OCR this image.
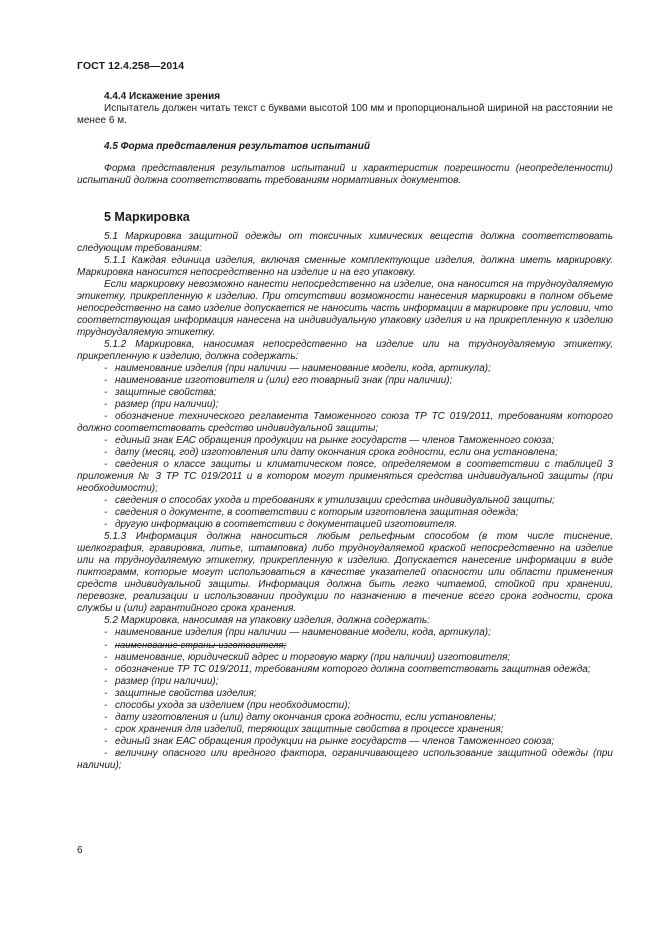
ГОСТ 12.4.258—2014
4.4.4 Искажение зрения

Испытатель должен читать текст с буквами высотой 100 мм и пропорциональной шириной на расстоянии не менее 6 м.

4.5 Форма представления результатов испытаний

Форма представления результатов испытаний и характеристик погрешности (неопределенности) испытаний должна соответствовать требованиям нормативных документов.

5 Маркировка

5.1 Маркировка защитной одежды от токсичных химических веществ должна соответствовать следующим требованиям:

5.1.1 Каждая единица изделия, включая сменные комплектующие изделия, должна иметь маркировку. Маркировка наносится непосредственно на изделие и на его упаковку.

Если маркировку невозможно нанести непосредственно на изделие, она наносится на трудноудаляемую этикетку, прикрепленную к изделию. При отсутствии возможности нанесения маркировки в полном объеме непосредственно на само изделие допускается не наносить часть информации в маркировке при условии, что соответствующая информация нанесена на индивидуальную упаковку изделия и на прикрепленную к изделию трудноудаляемую этикетку.

5.1.2 Маркировка, наносимая непосредственно на изделие или на трудноудаляемую этикетку, прикрепленную к изделию, должна содержать:

- наименование изделия (при наличии — наименование модели, кода, артикула);
- наименование изготовителя и (или) его товарный знак (при наличии);
- защитные свойства;
- размер (при наличии);
- обозначение технического регламента Таможенного союза ТР ТС 019/2011, требованиям которого должно соответствовать средство индивидуальной защиты;
- единый знак ЕАС обращения продукции на рынке государств — членов Таможенного союза;
- дату (месяц, год) изготовления или дату окончания срока годности, если она установлена;
- сведения о классе защиты и климатическом поясе, определяемом в соответствии с таблицей 3 приложения № 3 ТР ТС 019/2011 и в котором могут применяться средства индивидуальной защиты (при необходимости);
- сведения о способах ухода и требованиях к утилизации средства индивидуальной защиты;
- сведения о документе, в соответствии с которым изготовлена защитная одежда;
- другую информацию в соответствии с документацией изготовителя.

5.1.3 Информация должна наноситься любым рельефным способом (в том числе тиснение, шелкография, гравировка, литье, штамповка) либо трудноудаляемой краской непосредственно на изделие или на трудноудаляемую этикетку, прикрепленную к изделию. Допускается нанесение информации в виде пиктограмм, которые могут использоваться в качестве указателей опасности или области применения средств индивидуальной защиты. Информация должна быть легко читаемой, стойкой при хранении, перевозке, реализации и использовании продукции по назначению в течение всего срока годности, срока службы и (или) гарантийного срока хранения.

5.2 Маркировка, наносимая на упаковку изделия, должна содержать:

- наименование изделия (при наличии — наименование модели, кода, артикула);
- наименование страны-изготовителя;
- наименование, юридический адрес и торговую марку (при наличии) изготовителя;
- обозначение ТР ТС 019/2011, требованиям которого должна соответствовать защитная одежда;
- размер (при наличии);
- защитные свойства изделия;
- способы ухода за изделием (при необходимости);
- дату изготовления и (или) дату окончания срока годности, если установлены;
- срок хранения для изделий, теряющих защитные свойства в процессе хранения;
- единый знак ЕАС обращения продукции на рынке государств — членов Таможенного союза;
- величину опасного или вредного фактора, ограничивающего использование защитной одежды (при наличии);
6
